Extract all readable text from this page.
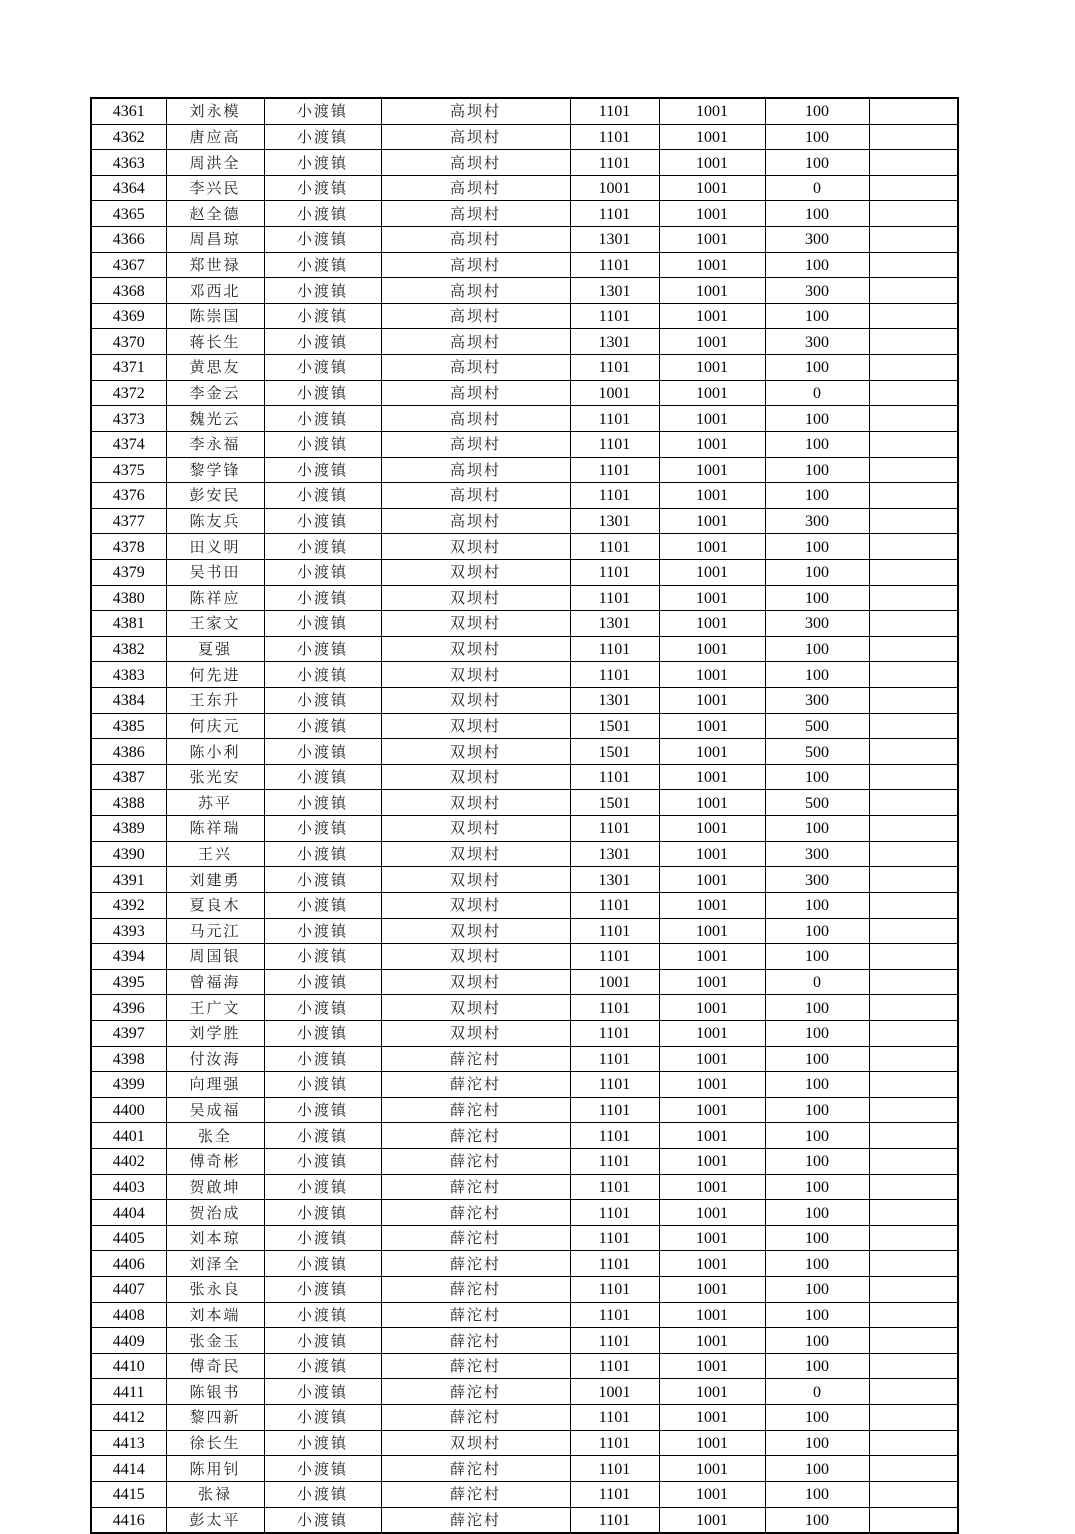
4361	刘永模	小渡镇	高坝村	1101	1001	100	
4362	唐应高	小渡镇	高坝村	1101	1001	100	
4363	周洪全	小渡镇	高坝村	1101	1001	100	
4364	李兴民	小渡镇	高坝村	1001	1001	0	
4365	赵全德	小渡镇	高坝村	1101	1001	100	
4366	周昌琼	小渡镇	高坝村	1301	1001	300	
4367	郑世禄	小渡镇	高坝村	1101	1001	100	
4368	邓西北	小渡镇	高坝村	1301	1001	300	
4369	陈崇国	小渡镇	高坝村	1101	1001	100	
4370	蒋长生	小渡镇	高坝村	1301	1001	300	
4371	黄思友	小渡镇	高坝村	1101	1001	100	
4372	李金云	小渡镇	高坝村	1001	1001	0	
4373	魏光云	小渡镇	高坝村	1101	1001	100	
4374	李永福	小渡镇	高坝村	1101	1001	100	
4375	黎学锋	小渡镇	高坝村	1101	1001	100	
4376	彭安民	小渡镇	高坝村	1101	1001	100	
4377	陈友兵	小渡镇	高坝村	1301	1001	300	
4378	田义明	小渡镇	双坝村	1101	1001	100	
4379	吴书田	小渡镇	双坝村	1101	1001	100	
4380	陈祥应	小渡镇	双坝村	1101	1001	100	
4381	王家文	小渡镇	双坝村	1301	1001	300	
4382	夏强	小渡镇	双坝村	1101	1001	100	
4383	何先进	小渡镇	双坝村	1101	1001	100	
4384	王东升	小渡镇	双坝村	1301	1001	300	
4385	何庆元	小渡镇	双坝村	1501	1001	500	
4386	陈小利	小渡镇	双坝村	1501	1001	500	
4387	张光安	小渡镇	双坝村	1101	1001	100	
4388	苏平	小渡镇	双坝村	1501	1001	500	
4389	陈祥瑞	小渡镇	双坝村	1101	1001	100	
4390	王兴	小渡镇	双坝村	1301	1001	300	
4391	刘建勇	小渡镇	双坝村	1301	1001	300	
4392	夏良木	小渡镇	双坝村	1101	1001	100	
4393	马元江	小渡镇	双坝村	1101	1001	100	
4394	周国银	小渡镇	双坝村	1101	1001	100	
4395	曾福海	小渡镇	双坝村	1001	1001	0	
4396	王广文	小渡镇	双坝村	1101	1001	100	
4397	刘学胜	小渡镇	双坝村	1101	1001	100	
4398	付汝海	小渡镇	薛沱村	1101	1001	100	
4399	向理强	小渡镇	薛沱村	1101	1001	100	
4400	吴成福	小渡镇	薛沱村	1101	1001	100	
4401	张全	小渡镇	薛沱村	1101	1001	100	
4402	傅奇彬	小渡镇	薛沱村	1101	1001	100	
4403	贺啟坤	小渡镇	薛沱村	1101	1001	100	
4404	贺治成	小渡镇	薛沱村	1101	1001	100	
4405	刘本琼	小渡镇	薛沱村	1101	1001	100	
4406	刘泽全	小渡镇	薛沱村	1101	1001	100	
4407	张永良	小渡镇	薛沱村	1101	1001	100	
4408	刘本端	小渡镇	薛沱村	1101	1001	100	
4409	张金玉	小渡镇	薛沱村	1101	1001	100	
4410	傅奇民	小渡镇	薛沱村	1101	1001	100	
4411	陈银书	小渡镇	薛沱村	1001	1001	0	
4412	黎四新	小渡镇	薛沱村	1101	1001	100	
4413	徐长生	小渡镇	双坝村	1101	1001	100	
4414	陈用钊	小渡镇	薛沱村	1101	1001	100	
4415	张禄	小渡镇	薛沱村	1101	1001	100	
4416	彭太平	小渡镇	薛沱村	1101	1001	100	
